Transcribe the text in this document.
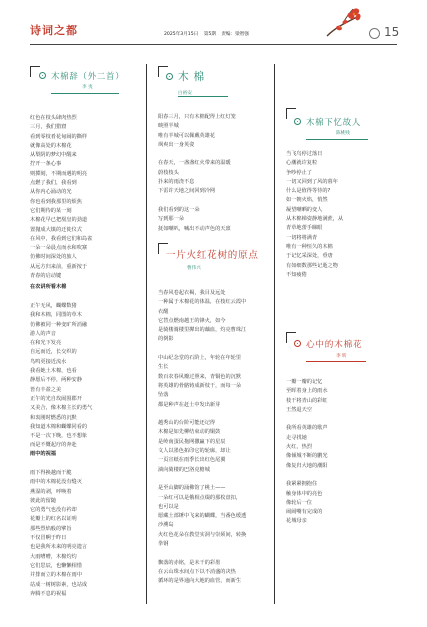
诗词之都	2025年3月15日 第5期 责编：梁智强	15
木棉辞（外二首）
李 夷
红色在枝头肆肉热烈
三月，我们猎窟
看到零枝肴花甸闹的撕样
就像高处的木棉花
从梨阴的梦幻中醒来
拧开一条心事
则掷刻，不期而遇的明亮
点燃了我们，我看到
从你内心涌动的光
你也看到我那里的烦焦
它们期待的某一刻
木棉花早已把凰皇的劲道
置抛成大镇的迁徙仪式
在风中，我看到它们和岛雀
一朵一朵晨点而水和吹寨
仿佛时间深处的旅人
从远方归来前，重新按于
青春的启动键
在农讲所看木棉
正午无风，蝴蝶数猪
我和木棉，同图的草木
仿佛被同一种变旷所消融
游人的声音
在和光下发亮
自远而近，长交织的
鸟鸣更接近流水
我看她土木棉，也看
静愿后不停，两种安静
皆有丰盈之美
正午的光自玫闹围郡开
又美合，像木棉主长的勇气
和衷刚时燃悉的沉默
我知道木棉和蝴蝶同看的
不是一次下晚，也不想象
而是不慨起疗的奔赴
雨中的祝福
雨下得换越而干脆
雨中的木棉花没有缝灭
燕湿的剥，呼唤着
彼此的留随
它的勇气也没有衿却
花瓣上的红名以证明
那些烈焰般的擘旨
不仅冒啊于昨日
也是我所未来的明亮遗言
大雨嘈嘈，木棉灼灼
它们思辰，也懒懒相惜
并排而立的木棉在雨中
站成一树树影素，也站成
奔腾不息的祝福
木 棉
白裕安
阳春三月，只有木棉配得上红灯笼
映照半城
唯有羊城可以佩戴英雄花
飒爽出一身英姿
在春天，一盏盏红火带来的温暖
蔚枝枝头
扑来的雨浇不息
下雷许天地之间回到冷网
我们看到的这一朵
写到那一朵
抚如嘲叭，喊出不动声色的天禀
一片火红花树的原点
曹伟兴
当春风卷起衣褐，我目及远处
一种属于木棉花的体温，在枝红云霞中
衣醒
它替点燃南越王的锋火，如今
是骑楼骑楼里撵出的藕血，灼亮曹珠江
的倒影
中山纪念堂的石阶上，年轮在年轮里
生长
数百农春风瓣过照来，青铜色的沉默
将英雄的骨骼铸成新枝干，而每一朵
坠落
都是种声在赶土中发出新芽
越秀山的台阶可能还记得
木棉是如先柳结束动的铜鼓
是岭南蛋民拖网撒赢下的星辰
文人以墨色拓印它的轮廓，却让
一页宣纸在雨季长出红色尾翼
淌向骑楼的巴洛克檐城
是至山脚的涌佛馆了桃土——
一朵红可以是俄相点缀的那枚盘扣，
也可以是
愿藏土部锤中飞来的蝴蝶，当番色缓透
沙溯岛
火红色花朵在教堂实洞与崇须间，转换
拳钢
飘落的赤铭，是未干的彩墨
在云山珠水间点下以不消盛的决热
循环的是界通向大地的血管，而新生
木棉下忆故人
陈桃贱
当飞鸟停过落日
心潮就许复粒
争吵停止了
一切又回到了风的暮年
什么是值得等待的?
如一朝火焰，悄然
凝望嘲晒的变人
从木棉梯姿静地满蔗，从
青草地蕾手睇眼
一切将将满青
唯有一种恒久的木棉
于记忆采深处，垂唐
有如细数那些记逝之物
不知疲倦
心中的木棉花
李 昕
一瓣一瓣的记忆
至晖着身上的雨水
枝干将青山的彩虹
王然退天空
我所看英雄的歌声
走寻找她
火红，热烈
像倾城不断的鹏光
像复归大地的潮阳
我紧紧拥抱住
触身体中的亮色
像轮后一位
闹闹嘴有完成的
花城母亲
